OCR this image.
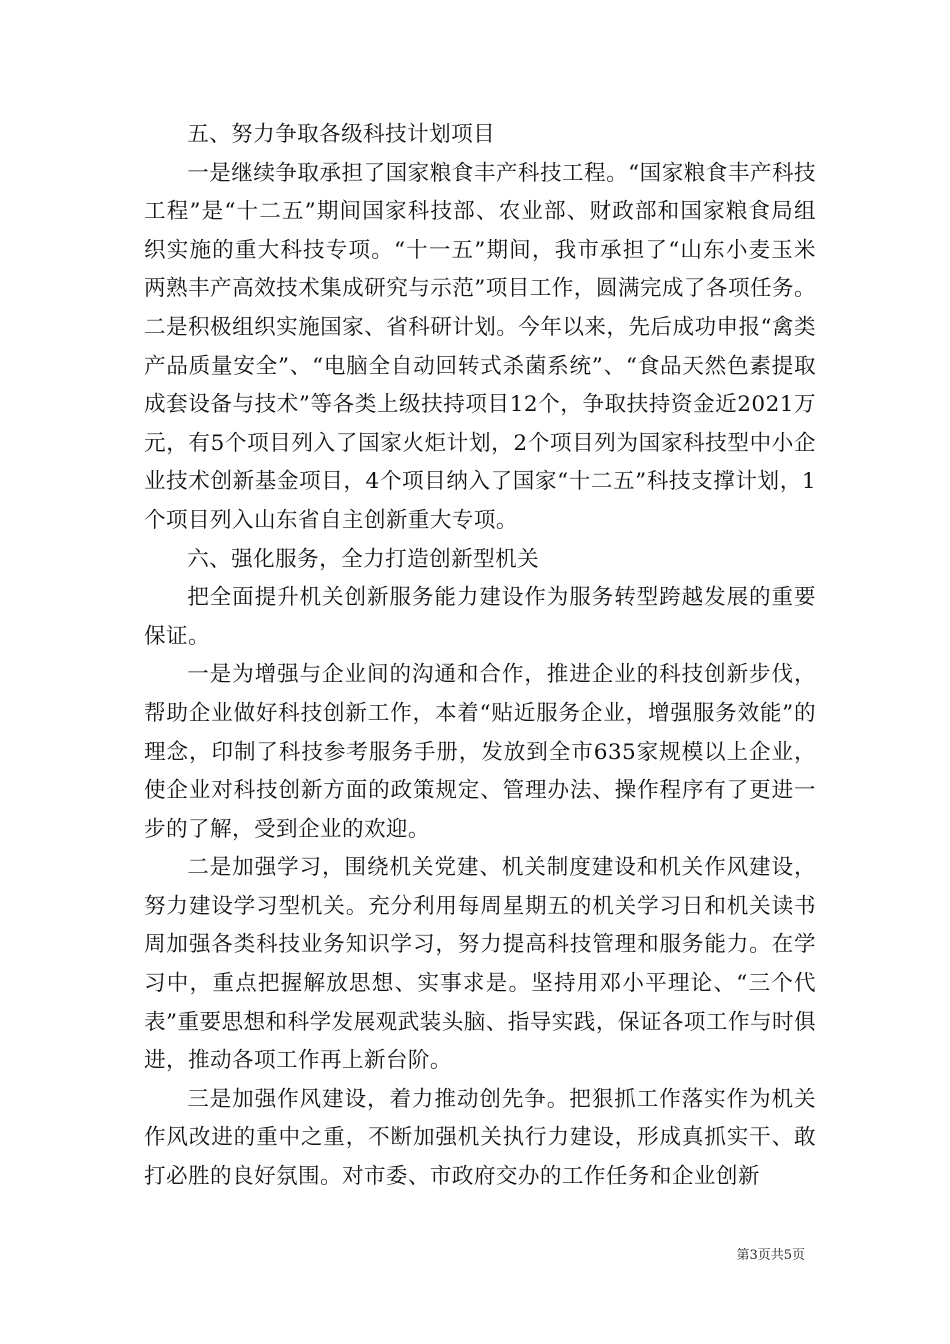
五、努力争取各级科技计划项目

一是继续争取承担了国家粮食丰产科技工程。“国家粮食丰产科技工程”是“十二五”期间国家科技部、农业部、财政部和国家粮食局组织实施的重大科技专项。“十一五”期间，我市承担了“山东小麦玉米两熟丰产高效技术集成研究与示范”项目工作，圆满完成了各项任务。二是积极组织实施国家、省科研计划。今年以来，先后成功申报“禽类产品质量安全”、“电脑全自动回转式杀菌系统”、“食品天然色素提取成套设备与技术”等各类上级扶持项目12个，争取扶持资金近2021万元，有5个项目列入了国家火炬计划，2个项目列为国家科技型中小企业技术创新基金项目，4个项目纳入了国家“十二五”科技支撑计划，1个项目列入山东省自主创新重大专项。

六、强化服务，全力打造创新型机关

把全面提升机关创新服务能力建设作为服务转型跨越发展的重要保证。

一是为增强与企业间的沟通和合作，推进企业的科技创新步伐，帮助企业做好科技创新工作，本着“贴近服务企业，增强服务效能”的理念，印制了科技参考服务手册，发放到全市635家规模以上企业，使企业对科技创新方面的政策规定、管理办法、操作程序有了更进一步的了解，受到企业的欢迎。

二是加强学习，围绕机关党建、机关制度建设和机关作风建设，努力建设学习型机关。充分利用每周星期五的机关学习日和机关读书周加强各类科技业务知识学习，努力提高科技管理和服务能力。在学习中，重点把握解放思想、实事求是。坚持用邓小平理论、“三个代表”重要思想和科学发展观武装头脑、指导实践，保证各项工作与时俱进，推动各项工作再上新台阶。

三是加强作风建设，着力推动创先争。把狠抓工作落实作为机关作风改进的重中之重，不断加强机关执行力建设，形成真抓实干、敢打必胜的良好氛围。对市委、市政府交办的工作任务和企业创新

第3页共5页
